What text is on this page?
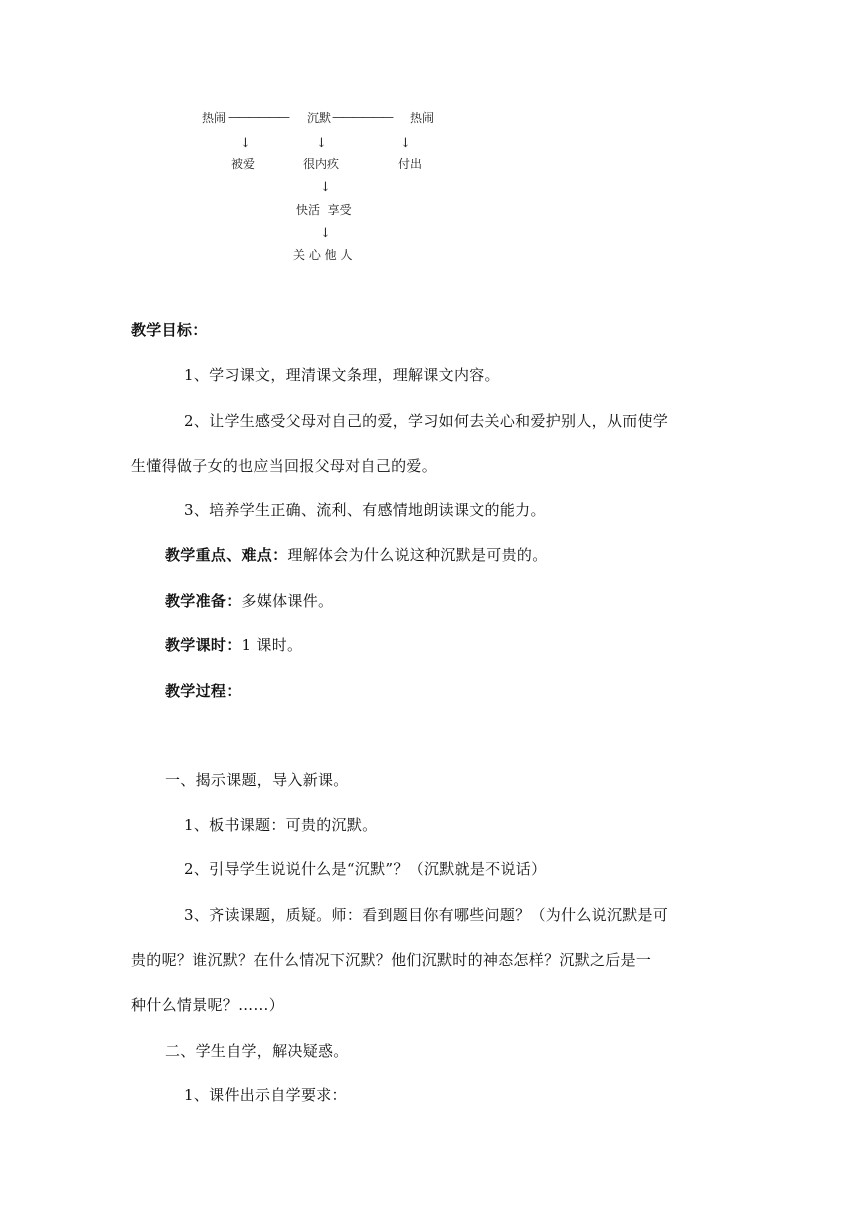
热闹 —————— 沉默 —————— 热闹
↓	↓	↓
被爱	很内疚	付出
↓
快活  享受
↓
关 心 他 人
教学目标：
1、学习课文，理清课文条理，理解课文内容。
2、让学生感受父母对自己的爱，学习如何去关心和爱护别人，从而使学
生懂得做子女的也应当回报父母对自己的爱。
3、培养学生正确、流利、有感情地朗读课文的能力。
教学重点、难点：理解体会为什么说这种沉默是可贵的。
教学准备：多媒体课件。
教学课时：1 课时。
教学过程：
一、揭示课题，导入新课。
1、板书课题：可贵的沉默。
2、引导学生说说什么是“沉默”？（沉默就是不说话）
3、齐读课题，质疑。师：看到题目你有哪些问题？（为什么说沉默是可
贵的呢？谁沉默？在什么情况下沉默？他们沉默时的神态怎样？沉默之后是一
种什么情景呢？……）
二、学生自学，解决疑惑。
1、课件出示自学要求：
